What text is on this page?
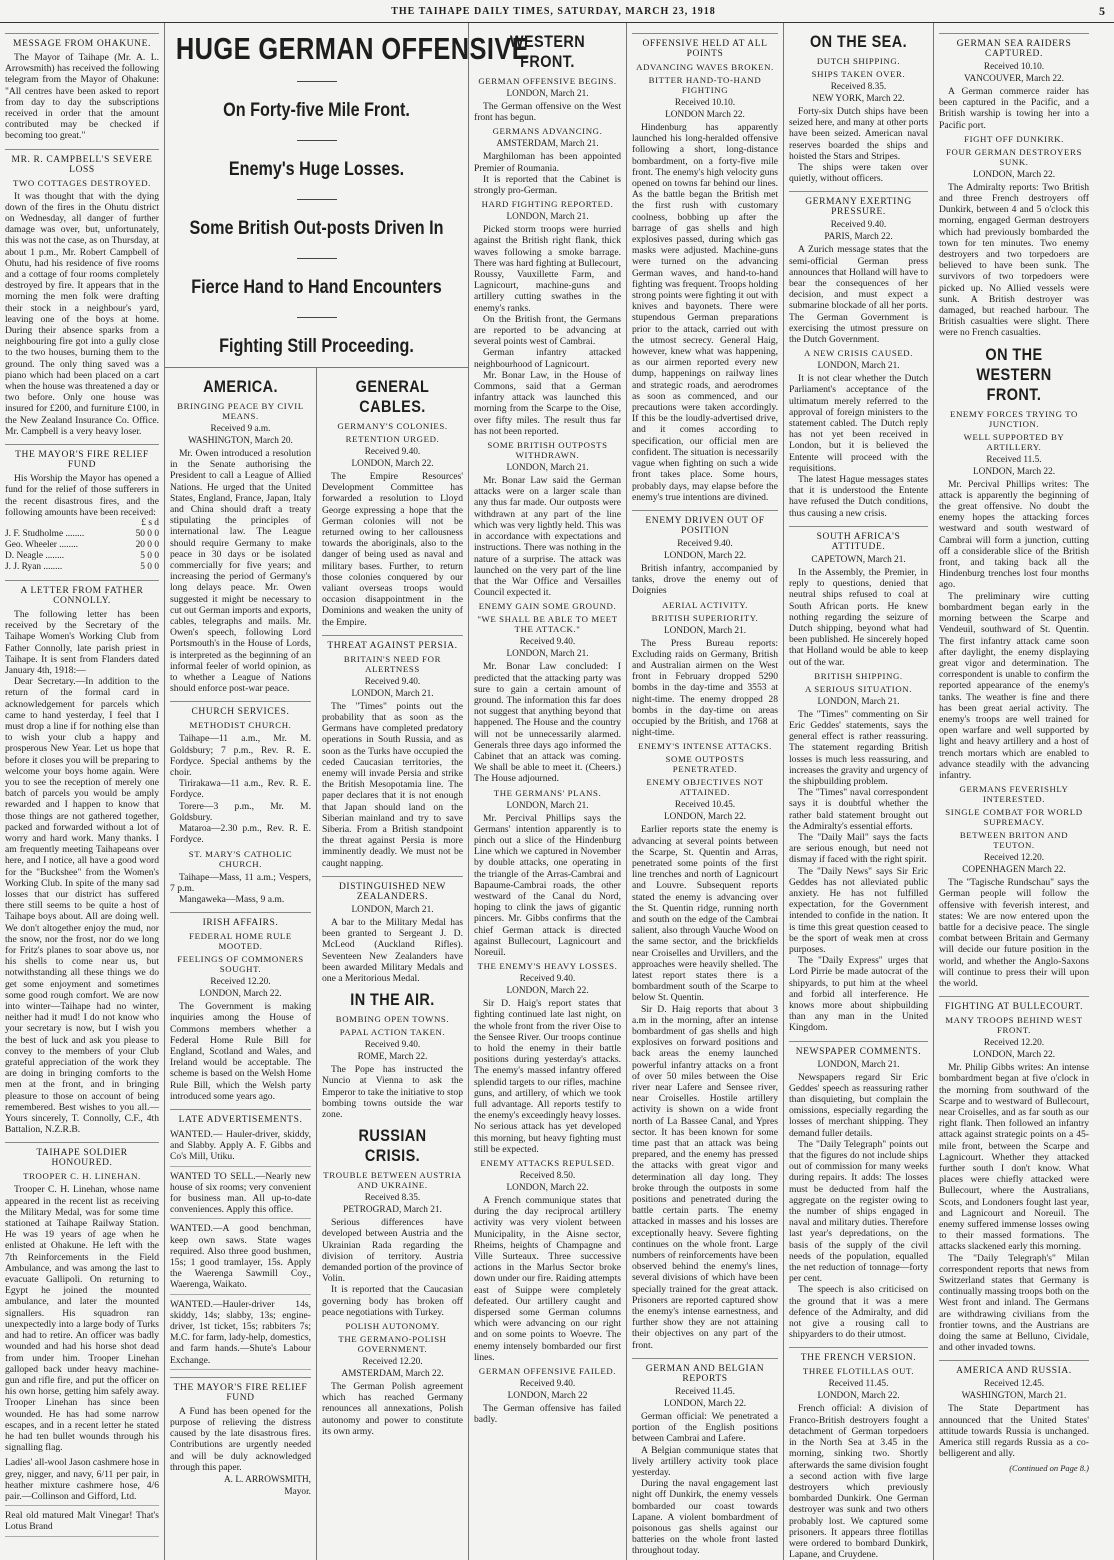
THE TAIHAPE DAILY TIMES, SATURDAY, MARCH 23, 1918	5
MESSAGE FROM OHAKUNE.
The Mayor of Taihape (Mr. A. L. Arrowsmith) has received the following telegram from the Mayor of Ohakune: "All centres have been asked to report from day to day the subscriptions received in order that the amount contributed may be checked if becoming too great."
MR. R. CAMPBELL'S SEVERE LOSS
TWO COTTAGES DESTROYED.
It was thought that with the dying down of the fires in the Ohutu district on Wednesday, all danger of further damage was over, but, unfortunately, this was not the case, as on Thursday, at about 1 p.m., Mr. Robert Campbell of Ohutu, had his residence of five rooms and a cottage of four rooms completely destroyed by fire. It appears that in the morning the men folk were drafting their stock in a neighbour's yard, leaving one of the boys at home. During their absence sparks from a neighbouring fire got into a gully close to the two houses, burning them to the ground. The only thing saved was a piano which had been placed on a cart when the house was threatened a day or two before. Only one house was insured for £200, and furniture £100, in the New Zealand Insurance Co. Office. Mr. Campbell is a very heavy loser.
THE MAYOR'S FIRE RELIEF FUND
His Worship the Mayor has opened a fund for the relief of those sufferers in the recent disastrous fires, and the following amounts have been received:
£ s d
J. F. Studholme ........	50 0 0
Geo. Wheeler ........	20 0 0
D. Neagle ........	5 0 0
J. J. Ryan ........	5 0 0
A LETTER FROM FATHER CONNOLLY.
The following letter has been received by the Secretary of the Taihape Women's Working Club from Father Connolly, late parish priest in Taihape. It is sent from Flanders dated January 4th, 1918:—
Dear Secretary.—In addition to the return of the formal card in acknowledgement for parcels which came to hand yesterday, I feel that I must drop a line if for nothing else than to wish your club a happy and prosperous New Year. Let us hope that before it closes you will be preparing to welcome your boys home again. Were you to see the reception of merely one batch of parcels you would be amply rewarded and I happen to know that those things are not gathered together, packed and forwarded without a lot of worry and hard work. Many thanks. I am frequently meeting Taihapeans over here, and I notice, all have a good word for the "Buckshee" from the Women's Working Club. In spite of the many sad losses that our district has suffered there still seems to be quite a host of Taihape boys about. All are doing well. We don't altogether enjoy the mud, nor the snow, nor the frost, nor do we long for Fritz's planes to soar above us, nor his shells to come near us, but notwithstanding all these things we do get some enjoyment and sometimes some good rough comfort. We are now into winter—Taihape had no winter, neither had it mud! I do not know who your secretary is now, but I wish you the best of luck and ask you please to convey to the members of your Club grateful appreciation of the work they are doing in bringing comforts to the men at the front, and in bringing pleasure to those on account of being remembered. Best wishes to you all.—Yours sincerely, T. Connolly, C.F., 4th Battalion, N.Z.R.B.
TAIHAPE SOLDIER HONOURED.
TROOPER C. H. LINEHAN.
Trooper C. H. Linehan, whose name appeared in the recent list as receiving the Military Medal, was for some time stationed at Taihape Railway Station. He was 19 years of age when he enlisted at Ohakune. He left with the 7th Reinforcements in the Field Ambulance, and was among the last to evacuate Gallipoli. On returning to Egypt he joined the mounted ambulance, and later the mounted signallers. His squadron ran unexpectedly into a large body of Turks and had to retire. An officer was badly wounded and had his horse shot dead from under him. Trooper Linehan galloped back under heavy machine-gun and rifle fire, and put the officer on his own horse, getting him safely away. Trooper Linehan has since been wounded. He has had some narrow escapes, and in a recent letter he stated he had ten bullet wounds through his signalling flag.
Ladies' all-wool Jason cashmere hose in grey, nigger, and navy, 6/11 per pair, in heather mixture cashmere hose, 4/6 pair.—Collinson and Gifford, Ltd.
Real old matured Malt Vinegar! That's Lotus Brand
HUGE GERMAN OFFENSIVE
On Forty-five Mile Front.
Enemy's Huge Losses.
Some British Out-posts Driven In
Fierce Hand to Hand Encounters
Fighting Still Proceeding.
AMERICA.
BRINGING PEACE BY CIVIL MEANS.
Received 9 a.m.
WASHINGTON, March 20.
Mr. Owen introduced a resolution in the Senate authorising the President to call a League of Allied Nations. He urged that the United States, England, France, Japan, Italy and China should draft a treaty stipulating the principles of international law. The League should require Germany to make peace in 30 days or be isolated commercially for five years; and increasing the period of Germany's long delays peace. Mr. Owen suggested it might be necessary to cut out German imports and exports, cables, telegraphs and mails. Mr. Owen's speech, following Lord Portsmouth's in the House of Lords, is interpreted as the beginning of an informal feeler of world opinion, as to whether a League of Nations should enforce post-war peace.
CHURCH SERVICES.
METHODIST CHURCH.
Taihape—11 a.m., Mr. M. Goldsbury; 7 p.m., Rev. R. E. Fordyce. Special anthems by the choir.
Tirirakawa—11 a.m., Rev. R. E. Fordyce.
Torere—3 p.m., Mr. M. Goldsbury.
Mataroa—2.30 p.m., Rev. R. E. Fordyce.
ST. MARY'S CATHOLIC CHURCH.
Taihape—Mass, 11 a.m.; Vespers, 7 p.m.
Mangaweka—Mass, 9 a.m.
IRISH AFFAIRS.
FEDERAL HOME RULE MOOTED.
FEELINGS OF COMMONERS SOUGHT.
Received 12.20.
LONDON, March 22.
The Government is making inquiries among the House of Commons members whether a Federal Home Rule Bill for England, Scotland and Wales, and Ireland would be acceptable. The scheme is based on the Welsh Home Rule Bill, which the Welsh party introduced some years ago.
LATE ADVERTISEMENTS.
WANTED.— Hauler-driver, skiddy, and Slabby. Apply A. F. Gibbs and Co's Mill, Utiku.
WANTED TO SELL.—Nearly new house of six rooms; very convenient for business man. All up-to-date conveniences. Apply this office.
WANTED.—A good benchman, keep own saws. State wages required. Also three good bushmen, 15s; 1 good tramlayer, 15s. Apply the Waerenga Sawmill Coy., Waerenga, Waikato.
WANTED.—Hauler-driver 14s, skiddy, 14s; slabby, 13s; engine-driver, 1st ticket, 15s; rabbiters 7s; M.C. for farm, lady-help, domestics, and farm hands.—Shute's Labour Exchange.
THE MAYOR'S FIRE RELIEF FUND
A Fund has been opened for the purpose of relieving the distress caused by the late disastrous fires. Contributions are urgently needed and will be duly acknowledged through this paper.
A. L. ARROWSMITH,
Mayor.
GENERAL CABLES.
GERMANY'S COLONIES.
RETENTION URGED.
Received 9.40.
LONDON, March 22.
The Empire Resources' Development Committee has forwarded a resolution to Lloyd George expressing a hope that the German colonies will not be returned owing to her callousness towards the aboriginals, also to the danger of being used as naval and military bases. Further, to return those colonies conquered by our valiant overseas troops would occasion disappointment in the Dominions and weaken the unity of the Empire.
THREAT AGAINST PERSIA.
BRITAIN'S NEED FOR ALERTNESS
Received 9.40.
LONDON, March 21.
The "Times" points out the probability that as soon as the Germans have completed predatory operations in South Russia, and as soon as the Turks have occupied the ceded Caucasian territories, the enemy will invade Persia and strike the British Mesopotamia line. The paper declares that it is not enough that Japan should land on the Siberian mainland and try to save Siberia. From a British standpoint the threat against Persia is more imminently deadly. We must not be caught napping.
DISTINGUISHED NEW ZEALANDERS.
LONDON, March 21.
A bar to the Military Medal has been granted to Sergeant J. D. McLeod (Auckland Rifles). Seventeen New Zealanders have been awarded Military Medals and one a Meritorious Medal.
IN THE AIR.
BOMBING OPEN TOWNS.
PAPAL ACTION TAKEN.
Received 9.40.
ROME, March 22.
The Pope has instructed the Nuncio at Vienna to ask the Emperor to take the initiative to stop bombing towns outside the war zone.
RUSSIAN CRISIS.
TROUBLE BETWEEN AUSTRIA AND UKRAINE.
Received 8.35.
PETROGRAD, March 21.
Serious differences have developed between Austria and the Ukrainian Rada regarding the division of territory. Austria demanded portion of the province of Volin.
It is reported that the Caucasian governing body has broken off peace negotiations with Turkey.
POLISH AUTONOMY.
THE GERMANO-POLISH GOVERNMENT.
Received 12.20.
AMSTERDAM, March 22.
The German Polish agreement which has reached Germany renounces all annexations, Polish autonomy and power to constitute its own army.
WESTERN FRONT.
GERMAN OFFENSIVE BEGINS.
LONDON, March 21.
The German offensive on the West front has begun.
GERMANS ADVANCING.
AMSTERDAM, March 21.
Marghiloman has been appointed Premier of Roumania.
It is reported that the Cabinet is strongly pro-German.
HARD FIGHTING REPORTED.
LONDON, March 21.
Picked storm troops were hurried against the British right flank, thick waves following a smoke barrage. There was hard fighting at Bullecourt, Roussy, Vauxillette Farm, and Lagnicourt, machine-guns and artillery cutting swathes in the enemy's ranks.
On the British front, the Germans are reported to be advancing at several points west of Cambrai.
German infantry attacked neighbourhood of Lagnicourt.
Mr. Bonar Law, in the House of Commons, said that a German infantry attack was launched this morning from the Scarpe to the Oise, over fifty miles. The result thus far has not been reported.
SOME BRITISH OUTPOSTS WITHDRAWN.
LONDON, March 21.
Mr. Bonar Law said the German attacks were on a larger scale than any thus far made. Our outposts were withdrawn at any part of the line which was very lightly held. This was in accordance with expectations and instructions. There was nothing in the nature of a surprise. The attack was launched on the very part of the line that the War Office and Versailles Council expected it.
ENEMY GAIN SOME GROUND.
"WE SHALL BE ABLE TO MEET THE ATTACK."
Received 9.40.
LONDON, March 21.
Mr. Bonar Law concluded: I predicted that the attacking party was sure to gain a certain amount of ground. The information this far does not suggest that anything beyond that happened. The House and the country will not be unnecessarily alarmed. Generals three days ago informed the Cabinet that an attack was coming. We shall be able to meet it. (Cheers.) The House adjourned.
THE GERMANS' PLANS.
LONDON, March 21.
Mr. Percival Phillips says the Germans' intention apparently is to pinch out a slice of the Hindenburg Line which we captured in November by double attacks, one operating in the triangle of the Arras-Cambrai and Bapaume-Cambrai roads, the other westward of the Canal du Nord, hoping to clink the jaws of gigantic pincers. Mr. Gibbs confirms that the chief German attack is directed against Bullecourt, Lagnicourt and Noreuil.
THE ENEMY'S HEAVY LOSSES.
Received 9.40.
LONDON, March 22.
Sir D. Haig's report states that fighting continued late last night, on the whole front from the river Oise to the Sensee River. Our troops continue to hold the enemy in their battle positions during yesterday's attacks. The enemy's massed infantry offered splendid targets to our rifles, machine guns, and artillery, of which we took full advantage. All reports testify to the enemy's exceedingly heavy losses. No serious attack has yet developed this morning, but heavy fighting must still be expected.
ENEMY ATTACKS REPULSED.
Received 8.50.
LONDON, March 22.
A French communique states that during the day reciprocal artillery activity was very violent between Municipality, in the Aisne sector, Rheims, heights of Champagne and Ville Surteaux. Three successive actions in the Marlus Sector broke down under our fire. Raiding attempts east of Suippe were completely defeated. Our artillery caught and dispersed some German columns which were advancing on our right and on some points to Woevre. The enemy intensely bombarded our first lines.
GERMAN OFFENSIVE FAILED.
Received 9.40.
LONDON, March 22
The German offensive has failed badly.
OFFENSIVE HELD AT ALL POINTS
ADVANCING WAVES BROKEN.
BITTER HAND-TO-HAND FIGHTING
Received 10.10.
LONDON March 22.
Hindenburg has apparently launched his long-heralded offensive following a short, long-distance bombardment, on a forty-five mile front. The enemy's high velocity guns opened on towns far behind our lines. As the battle began the British met the first rush with customary coolness, bobbing up after the barrage of gas shells and high explosives passed, during which gas masks were adjusted. Machine-guns were turned on the advancing German waves, and hand-to-hand fighting was frequent. Troops holding strong points were fighting it out with knives and bayonets. There were stupendous German preparations prior to the attack, carried out with the utmost secrecy. General Haig, however, knew what was happening, as our airmen reported every new dump, happenings on railway lines and strategic roads, and aerodromes as soon as commenced, and our precautions were taken accordingly. If this be the loudly-advertised drive, and it comes according to specification, our official men are confident. The situation is necessarily vague when fighting on such a wide front takes place. Some hours, probably days, may elapse before the enemy's true intentions are divined.
ENEMY DRIVEN OUT OF POSITION
Received 9.40.
LONDON, March 22.
British infantry, accompanied by tanks, drove the enemy out of Doignies
AERIAL ACTIVITY.
BRITISH SUPERIORITY.
LONDON, March 21.
The Press Bureau reports: Excluding raids on Germany, British and Australian airmen on the West front in February dropped 5290 bombs in the day-time and 3553 at night-time. The enemy dropped 28 bombs in the day-time on areas occupied by the British, and 1768 at night-time.
ENEMY'S INTENSE ATTACKS.
SOME OUTPOSTS PENETRATED.
ENEMY OBJECTIVES NOT ATTAINED.
Received 10.45.
LONDON, March 22.
Earlier reports state the enemy is advancing at several points between the Scarpe, St. Quentin and Arras, penetrated some points of the first line trenches and north of Lagnicourt and Louvre. Subsequent reports stated the enemy is advancing over the St. Quentin ridge, running north and south on the edge of the Cambrai salient, also through Vauche Wood on the same sector, and the brickfields near Croiselles and Urvillers, and the approaches were heavily shelled. The latest report states there is a bombardment south of the Scarpe to below St. Quentin.
Sir D. Haig reports that about 3 a.m in the morning, after an intense bombardment of gas shells and high explosives on forward positions and back areas the enemy launched powerful infantry attacks on a front of over 50 miles between the Oise river near Lafere and Sensee river, near Croiselles. Hostile artillery activity is shown on a wide front north of La Bassee Canal, and Ypres sector. It has been known for some time past that an attack was being prepared, and the enemy has pressed the attacks with great vigor and determination all day long. They broke through the outposts in some positions and penetrated during the battle certain parts. The enemy attacked in masses and his losses are exceptionally heavy. Severe fighting continues on the whole front. Large numbers of reinforcements have been observed behind the enemy's lines, several divisions of which have been specially trained for the great attack. Prisoners are reported captured show the enemy's intense earnestness, and further show they are not attaining their objectives on any part of the front.
GERMAN AND BELGIAN REPORTS
Received 11.45.
LONDON, March 22.
German official: We penetrated a portion of the English positions between Cambrai and Lafere.
A Belgian communique states that lively artillery activity took place yesterday.
During the naval engagement last night off Dunkirk, the enemy vessels bombarded our coast towards Lapane. A violent bombardment of poisonous gas shells against our batteries on the whole front lasted throughout today.
ON THE SEA.
DUTCH SHIPPING.
SHIPS TAKEN OVER.
Received 8.35.
NEW YORK, March 22.
Forty-six Dutch ships have been seized here, and many at other ports have been seized. American naval reserves boarded the ships and hoisted the Stars and Stripes.
The ships were taken over quietly, without officers.
GERMANY EXERTING PRESSURE.
Received 9.40.
PARIS, March 22.
A Zurich message states that the semi-official German press announces that Holland will have to bear the consequences of her decision, and must expect a submarine blockade of all her ports. The German Government is exercising the utmost pressure on the Dutch Government.
A NEW CRISIS CAUSED.
LONDON, March 21.
It is not clear whether the Dutch Parliament's acceptance of the ultimatum merely referred to the approval of foreign ministers to the statement cabled. The Dutch reply has not yet been received in London, but it is believed the Entente will proceed with the requisitions.
The latest Hague messages states that it is understood the Entente have refused the Dutch conditions, thus causing a new crisis.
SOUTH AFRICA'S ATTITUDE.
CAPETOWN, March 21.
In the Assembly, the Premier, in reply to questions, denied that neutral ships refused to coal at South African ports. He knew nothing regarding the seizure of Dutch shipping, beyond what had been published. He sincerely hoped that Holland would be able to keep out of the war.
BRITISH SHIPPING.
A SERIOUS SITUATION.
LONDON, March 21.
The "Times" commenting on Sir Eric Geddes' statements, says the general effect is rather reassuring. The statement regarding British losses is much less reassuring, and increases the gravity and urgency of the shipbuilding problem.
The "Times" naval correspondent says it is doubtful whether the rather bald statement brought out the Admiralty's essential efforts.
The "Daily Mail" says the facts are serious enough, but need not dismay if faced with the right spirit.
The "Daily News" says Sir Eric Geddes has not alleviated public anxiety. He has not fulfilled expectation, for the Government intended to confide in the nation. It is time this great question ceased to be the sport of weak men at cross purposes.
The "Daily Express" urges that Lord Pirrie be made autocrat of the shipyards, to put him at the wheel and forbid all interference. He knows more about shipbuilding than any man in the United Kingdom.
NEWSPAPER COMMENTS.
LONDON, March 21.
Newspapers regard Sir Eric Geddes' speech as reassuring rather than disquieting, but complain the omissions, especially regarding the losses of merchant shipping. They demand fuller details.
The "Daily Telegraph" points out that the figures do not include ships out of commission for many weeks during repairs. It adds: The losses must be deducted from half the aggregate on the register owing to the number of ships engaged in naval and military duties. Therefore last year's depredations, on the basis of the supply of the civil needs of the population, equalled the net reduction of tonnage—forty per cent.
The speech is also criticised on the ground that it was a mere defence of the Admiralty, and did not give a rousing call to shipyarders to do their utmost.
THE FRENCH VERSION.
THREE FLOTILLAS OUT.
Received 11.45.
LONDON, March 22.
French official: A division of Franco-British destroyers fought a detachment of German torpedoers in the North Sea at 3.45 in the morning, sinking two. Shortly afterwards the same division fought a second action with five large destroyers which previously bombarded Dunkirk. One German destroyer was sunk and two others probably lost. We captured some prisoners. It appears three flotillas were ordered to bombard Dunkirk, Lapane, and Cruydene.
GERMAN SEA RAIDERS CAPTURED.
Received 10.10.
VANCOUVER, March 22.
A German commerce raider has been captured in the Pacific, and a British warship is towing her into a Pacific port.
FIGHT OFF DUNKIRK.
FOUR GERMAN DESTROYERS SUNK.
LONDON, March 22.
The Admiralty reports: Two British and three French destroyers off Dunkirk, between 4 and 5 o'clock this morning, engaged German destroyers which had previously bombarded the town for ten minutes. Two enemy destroyers and two torpedoers are believed to have been sunk. The survivors of two torpedoers were picked up. No Allied vessels were sunk. A British destroyer was damaged, but reached harbour. The British casualties were slight. There were no French casualties.
ON THE WESTERN FRONT.
ENEMY FORCES TRYING TO JUNCTION.
WELL SUPPORTED BY ARTILLERY.
Received 11.5.
LONDON, March 22.
Mr. Percival Phillips writes: The attack is apparently the beginning of the great offensive. No doubt the enemy hopes the attacking forces westward and south westward of Cambrai will form a junction, cutting off a considerable slice of the British front, and taking back all the Hindenburg trenches lost four months ago.
The preliminary wire cutting bombardment began early in the morning between the Scarpe and Vendeuil, southward of St. Quentin. The first infantry attack came soon after daylight, the enemy displaying great vigor and determination. The correspondent is unable to confirm the reported appearance of the enemy's tanks. The weather is fine and there has been great aerial activity. The enemy's troops are well trained for open warfare and well supported by light and heavy artillery and a host of trench mortars which are enabled to advance steadily with the advancing infantry.
GERMANS FEVERISHLY INTERESTED.
SINGLE COMBAT FOR WORLD SUPREMACY.
BETWEEN BRITON AND TEUTON.
Received 12.20.
COPENHAGEN March 22.
The "Tagische Rundschau" says the German people will follow the offensive with feverish interest, and states: We are now entered upon the battle for a decisive peace. The single combat between Britain and Germany will decide our future position in the world, and whether the Anglo-Saxons will continue to press their will upon the world.
FIGHTING AT BULLECOURT.
MANY TROOPS BEHIND WEST FRONT.
Received 12.20.
LONDON, March 22.
Mr. Philip Gibbs writes: An intense bombardment began at five o'clock in the morning from southward of the Scarpe and to westward of Bullecourt, near Croiselles, and as far south as our right flank. Then followed an infantry attack against strategic points on a 45-mile front, between the Scarpe and Lagnicourt. Whether they attacked further south I don't know. What places were chiefly attacked were Bullecourt, where the Australians, Scots, and Londoners fought last year, and Lagnicourt and Noreuil. The enemy suffered immense losses owing to their massed formations. The attacks slackened early this morning.
The "Daily Telegraph's" Milan correspondent reports that news from Switzerland states that Germany is continually massing troops both on the West front and inland. The Germans are withdrawing civilians from the frontier towns, and the Austrians are doing the same at Belluno, Cividale, and other invaded towns.
AMERICA AND RUSSIA.
Received 12.45.
WASHINGTON, March 21.
The State Department has announced that the United States' attitude towards Russia is unchanged. America still regards Russia as a co-belligerent and ally.
(Continued on Page 8.)
